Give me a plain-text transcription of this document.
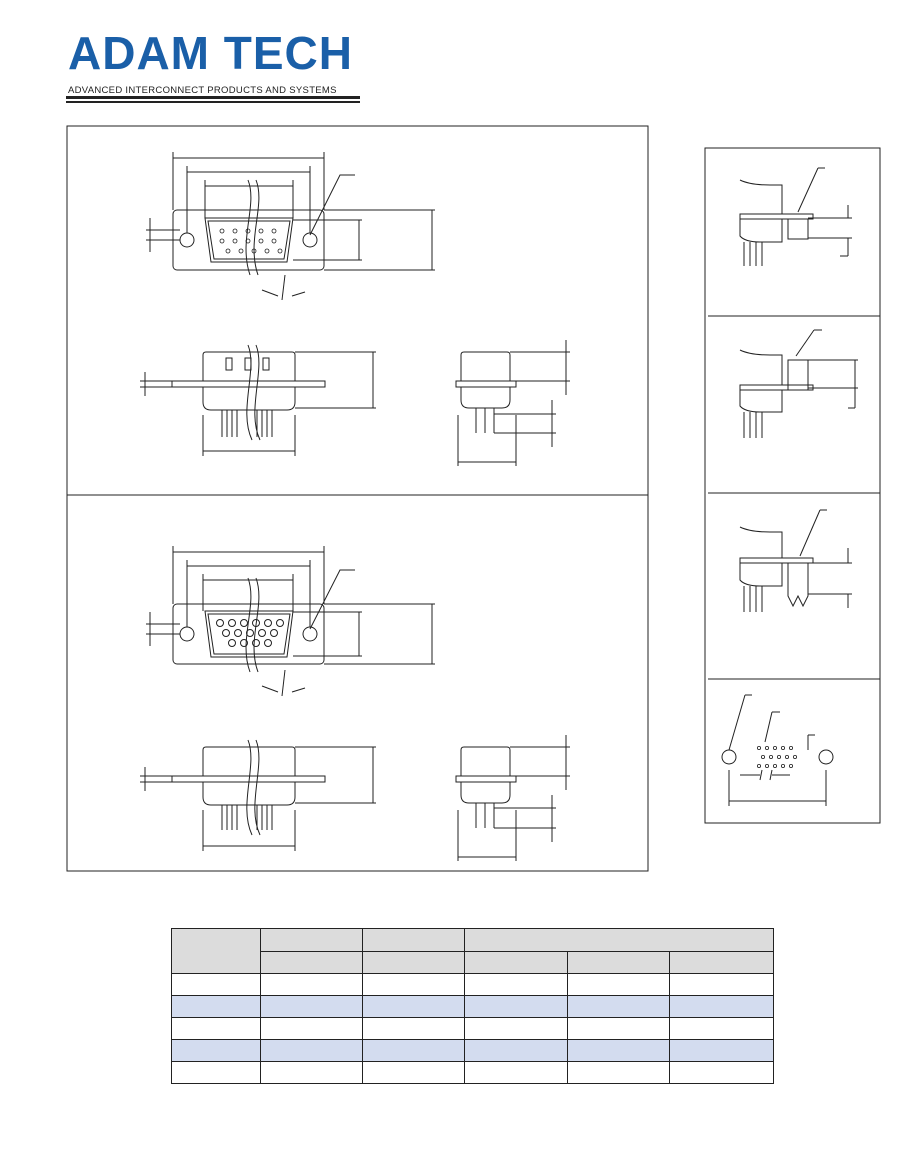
ADAM TECH
ADVANCED INTERCONNECT PRODUCTS AND SYSTEMS
